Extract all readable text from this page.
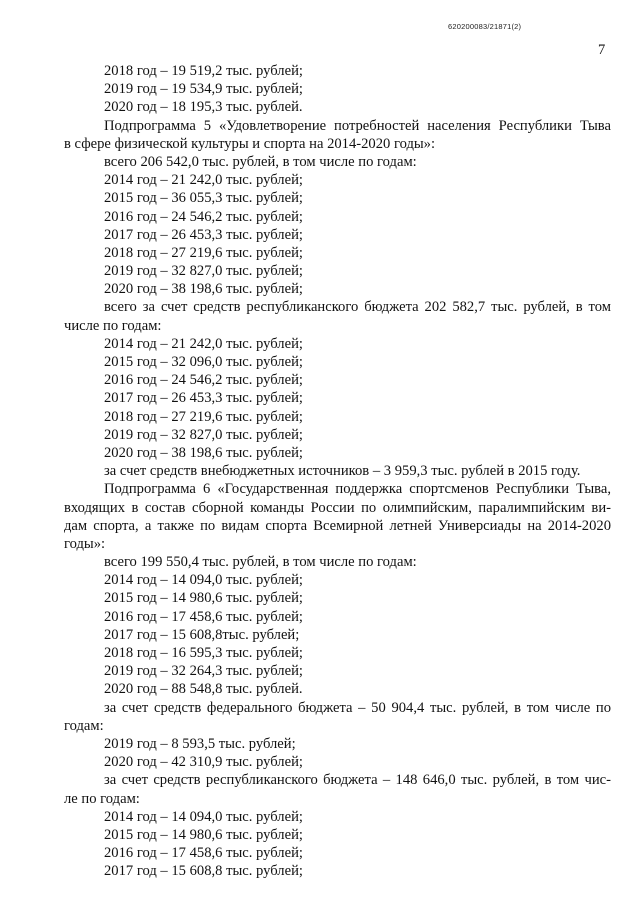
620200083/21871(2)
7
2018 год – 19 519,2 тыс. рублей;
2019 год – 19 534,9 тыс. рублей;
2020 год – 18 195,3 тыс. рублей.
Подпрограмма 5 «Удовлетворение потребностей населения Республики Тыва
в сфере физической культуры и спорта на 2014-2020 годы»:
всего 206 542,0 тыс. рублей, в том числе по годам:
2014 год – 21 242,0 тыс. рублей;
2015 год – 36 055,3 тыс. рублей;
2016 год – 24 546,2 тыс. рублей;
2017 год – 26 453,3 тыс. рублей;
2018 год – 27 219,6 тыс. рублей;
2019 год – 32 827,0 тыс. рублей;
2020 год – 38 198,6 тыс. рублей;
всего за счет средств республиканского бюджета 202 582,7 тыс. рублей, в том
числе по годам:
2014 год – 21 242,0 тыс. рублей;
2015 год – 32 096,0 тыс. рублей;
2016 год – 24 546,2 тыс. рублей;
2017 год – 26 453,3 тыс. рублей;
2018 год – 27 219,6 тыс. рублей;
2019 год – 32 827,0 тыс. рублей;
2020 год – 38 198,6 тыс. рублей;
за счет средств внебюджетных источников – 3 959,3 тыс. рублей в 2015 году.
Подпрограмма 6 «Государственная поддержка спортсменов Республики Тыва,
входящих в состав сборной команды России по олимпийским, паралимпийским ви-
дам спорта, а также по видам спорта Всемирной летней Универсиады на 2014-2020
годы»:
всего 199 550,4 тыс. рублей, в том числе по годам:
2014 год – 14 094,0 тыс. рублей;
2015 год – 14 980,6 тыс. рублей;
2016 год – 17 458,6 тыс. рублей;
2017 год – 15 608,8тыс. рублей;
2018 год – 16 595,3 тыс. рублей;
2019 год – 32 264,3 тыс. рублей;
2020 год – 88 548,8 тыс. рублей.
за счет средств федерального бюджета – 50 904,4 тыс. рублей, в том числе по
годам:
2019 год – 8 593,5 тыс. рублей;
2020 год – 42 310,9 тыс. рублей;
за счет средств республиканского бюджета – 148 646,0 тыс. рублей, в том чис-
ле по годам:
2014 год – 14 094,0 тыс. рублей;
2015 год – 14 980,6 тыс. рублей;
2016 год – 17 458,6 тыс. рублей;
2017 год – 15 608,8 тыс. рублей;
